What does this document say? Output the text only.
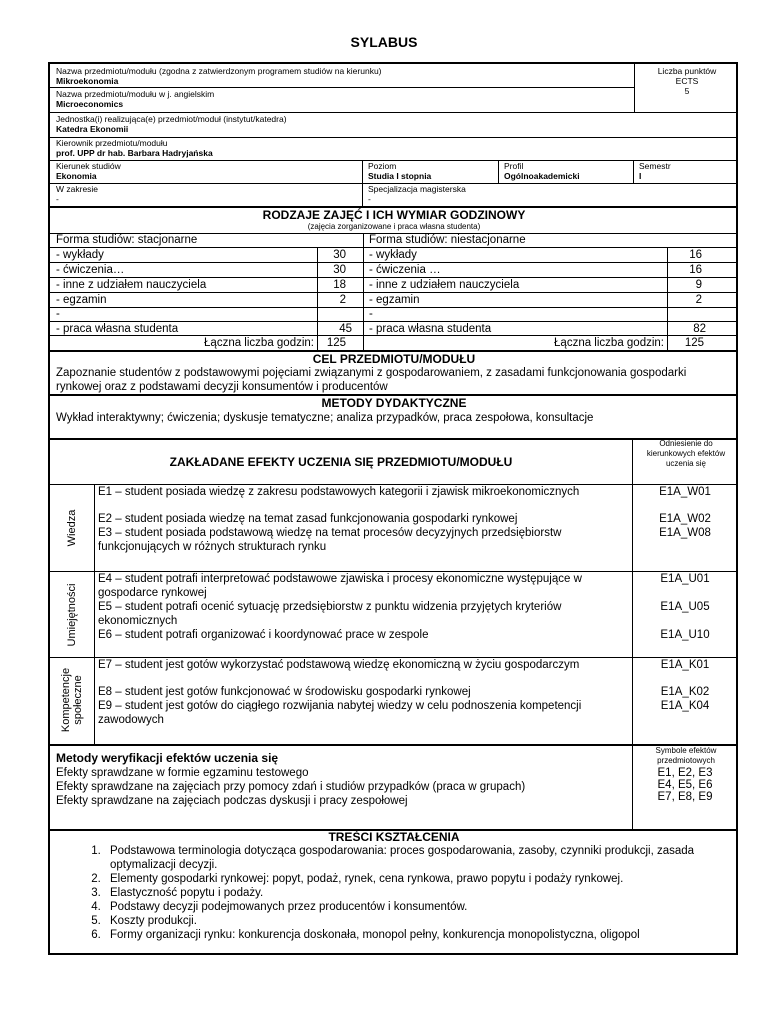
SYLABUS
Nazwa przedmiotu/modułu (zgodna z zatwierdzonym programem studiów na kierunku)
Mikroekonomia
Nazwa przedmiotu/modułu w j. angielskim
Microeconomics
Liczba punktów ECTS
5
Jednostka(i) realizująca(e) przedmiot/moduł (instytut/katedra)
Katedra Ekonomii
Kierownik przedmiotu/modułu
prof. UPP dr hab. Barbara Hadryjańska
Kierunek studiów
Ekonomia
Poziom
Studia I stopnia
Profil
Ogólnoakademicki
Semestr
I
W zakresie
-
Specjalizacja magisterska
-
RODZAJE ZAJĘĆ I ICH WYMIAR GODZINOWY
(zajęcia zorganizowane i praca własna studenta)
Forma studiów: stacjonarne	Forma studiów: niestacjonarne
- wykłady	30 - wykłady	16
- ćwiczenia…	30 - ćwiczenia …	16
- inne z udziałem nauczyciela	18 - inne z udziałem nauczyciela	9
- egzamin	2 - egzamin	2
-	-
- praca własna studenta	45 - praca własna studenta	82
Łączna liczba godzin:	125	Łączna liczba godzin:	125
CEL PRZEDMIOTU/MODUŁU
Zapoznanie studentów z podstawowymi pojęciami związanymi z gospodarowaniem, z zasadami funkcjonowania gospodarki rynkowej oraz z podstawami decyzji konsumentów i producentów
METODY DYDAKTYCZNE
Wykład interaktywny; ćwiczenia; dyskusje tematyczne; analiza przypadków, praca zespołowa, konsultacje
ZAKŁADANE EFEKTY UCZENIA SIĘ PRZEDMIOTU/MODUŁU
Odniesienie do kierunkowych efektów uczenia się
Wiedza
E1 – student posiada wiedzę z zakresu podstawowych kategorii i zjawisk mikroekonomicznych	E1A_W01
E2 – student posiada wiedzę na temat zasad funkcjonowania gospodarki rynkowej	E1A_W02
E3 – student posiada podstawową wiedzę na temat procesów decyzyjnych przedsiębiorstw funkcjonujących w różnych strukturach rynku
E1A_W08
Umiejętności
E4 – student potrafi interpretować podstawowe zjawiska i procesy ekonomiczne występujące w gospodarce rynkowej
E1A_U01
E5 – student potrafi ocenić sytuację przedsiębiorstw z punktu widzenia przyjętych kryteriów ekonomicznych
E1A_U05
E6 – student potrafi organizować i koordynować prace w zespole	E1A_U10
Kompetencje społeczne
E7 – student jest gotów wykorzystać podstawową wiedzę ekonomiczną w życiu gospodarczym	E1A_K01
E8 – student jest gotów funkcjonować w środowisku gospodarki rynkowej	E1A_K02
E9 – student jest gotów do ciągłego rozwijania nabytej wiedzy w celu podnoszenia kompetencji zawodowych
E1A_K04
Metody weryfikacji efektów uczenia się
Symbole efektów przedmiotowych
Efekty sprawdzane w formie egzaminu testowego	E1, E2, E3
Efekty sprawdzane na zajęciach przy pomocy zdań i studiów przypadków (praca w grupach)	E4, E5, E6
Efekty sprawdzane na zajęciach podczas dyskusji i pracy zespołowej	E7, E8, E9
TREŚCI KSZTAŁCENIA
1. Podstawowa terminologia dotycząca gospodarowania: proces gospodarowania, zasoby, czynniki produkcji, zasada optymalizacji decyzji.
2. Elementy gospodarki rynkowej: popyt, podaż, rynek, cena rynkowa, prawo popytu i podaży rynkowej.
3. Elastyczność popytu i podaży.
4. Podstawy decyzji podejmowanych przez producentów i konsumentów.
5. Koszty produkcji.
6. Formy organizacji rynku: konkurencja doskonała, monopol pełny, konkurencja monopolistyczna, oligopol
